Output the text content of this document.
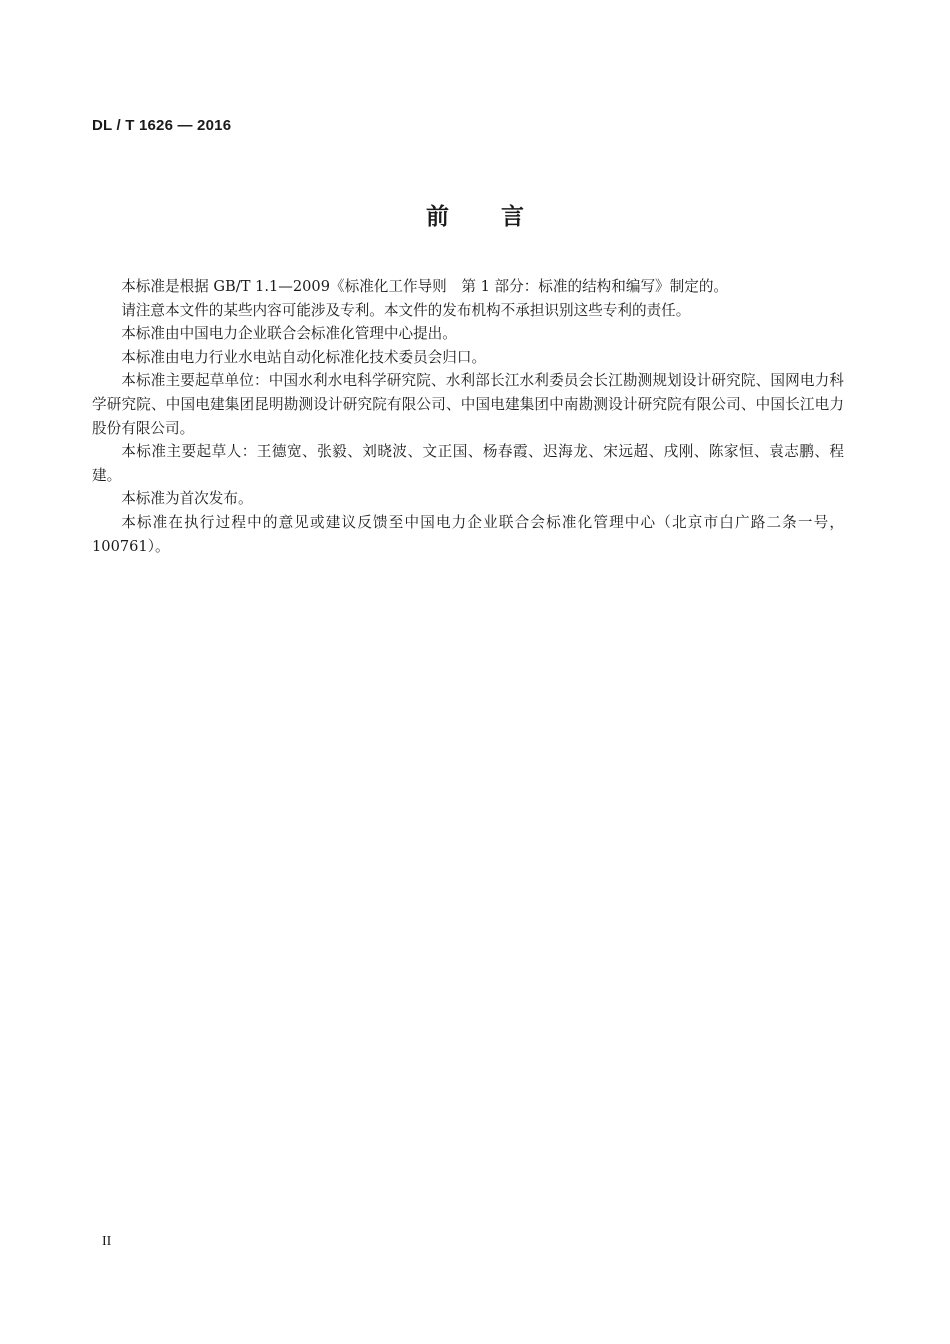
DL / T 1626 — 2016
前言

本标准是根据 GB/T 1.1—2009《标准化工作导则　第 1 部分：标准的结构和编写》制定的。

请注意本文件的某些内容可能涉及专利。本文件的发布机构不承担识别这些专利的责任。

本标准由中国电力企业联合会标准化管理中心提出。

本标准由电力行业水电站自动化标准化技术委员会归口。

本标准主要起草单位：中国水利水电科学研究院、水利部长江水利委员会长江勘测规划设计研究院、国网电力科学研究院、中国电建集团昆明勘测设计研究院有限公司、中国电建集团中南勘测设计研究院有限公司、中国长江电力股份有限公司。

本标准主要起草人：王德宽、张毅、刘晓波、文正国、杨春霞、迟海龙、宋远超、戌刚、陈家恒、袁志鹏、程建。

本标准为首次发布。

本标准在执行过程中的意见或建议反馈至中国电力企业联合会标准化管理中心（北京市白广路二条一号，100761）。

II
